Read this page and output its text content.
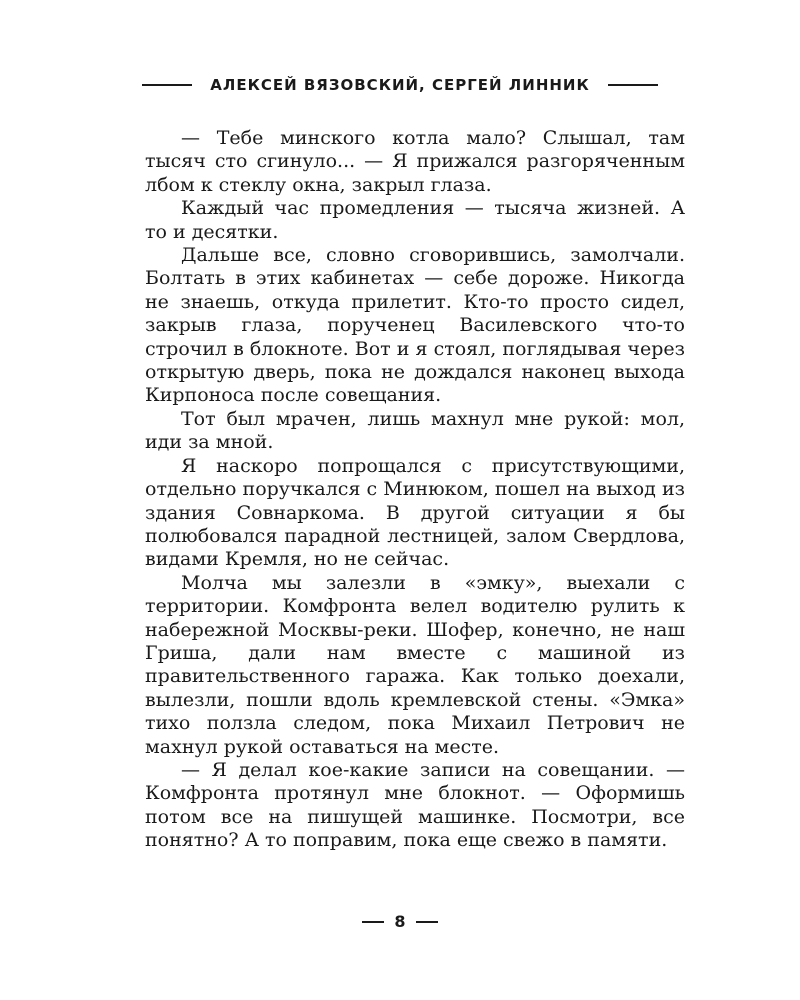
АЛЕКСЕЙ ВЯЗОВСКИЙ, СЕРГЕЙ ЛИННИК

— Тебе минского котла мало? Слышал, там тысяч сто сгинуло... — Я прижался разгоряченным лбом к стеклу окна, закрыл глаза.

Каждый час промедления — тысяча жизней. А то и десятки.

Дальше все, словно сговорившись, замолчали. Болтать в этих кабинетах — себе дороже. Никогда не знаешь, откуда прилетит. Кто-то просто сидел, закрыв глаза, порученец Василевского что-то строчил в блокноте. Вот и я стоял, поглядывая через открытую дверь, пока не дождался наконец выхода Кирпоноса после совещания.

Тот был мрачен, лишь махнул мне рукой: мол, иди за мной.

Я наскоро попрощался с присутствующими, отдельно поручкался с Минюком, пошел на выход из здания Совнаркома. В другой ситуации я бы полюбовался парадной лестницей, залом Свердлова, видами Кремля, но не сейчас.

Молча мы залезли в «эмку», выехали с территории. Комфронта велел водителю рулить к набережной Москвы-реки. Шофер, конечно, не наш Гриша, дали нам вместе с машиной из правительственного гаража. Как только доехали, вылезли, пошли вдоль кремлевской стены. «Эмка» тихо ползла следом, пока Михаил Петрович не махнул рукой оставаться на месте.

— Я делал кое-какие записи на совещании. — Комфронта протянул мне блокнот. — Оформишь потом все на пишущей машинке. Посмотри, все понятно? А то поправим, пока еще свежо в памяти.

8
